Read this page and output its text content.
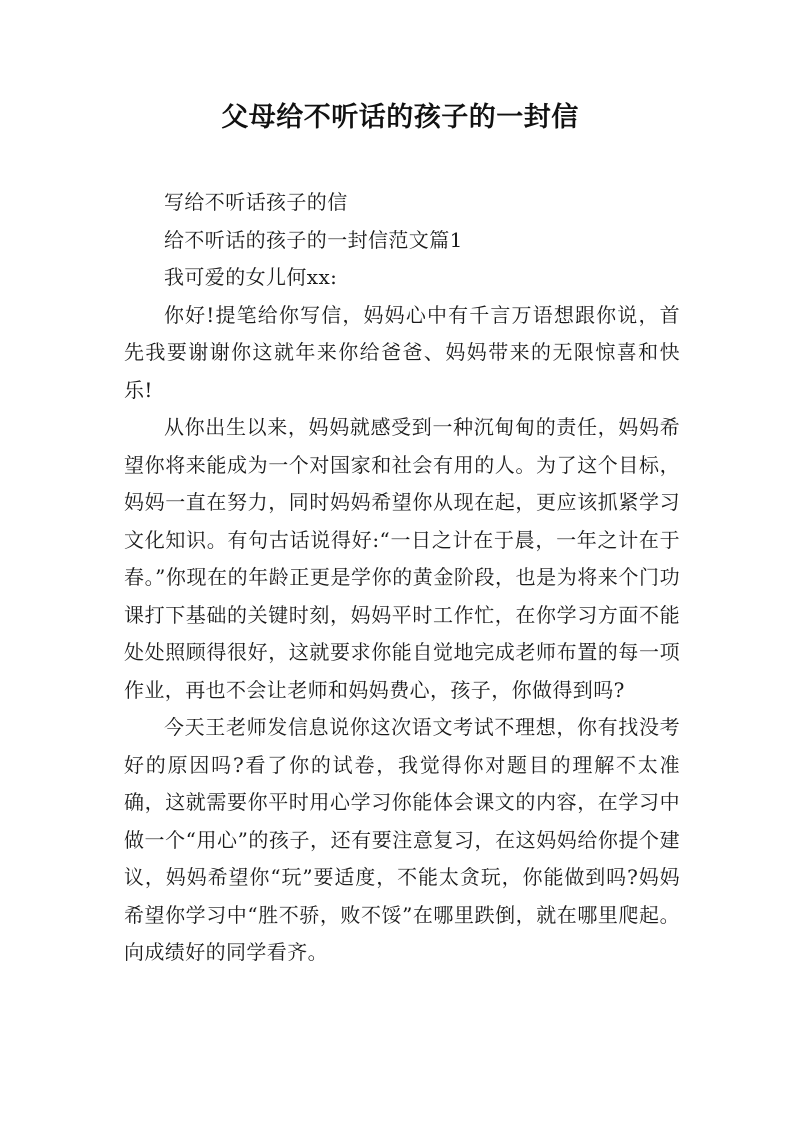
父母给不听话的孩子的一封信

写给不听话孩子的信

给不听话的孩子的一封信范文篇1

我可爱的女儿何xx:

你好!提笔给你写信，妈妈心中有千言万语想跟你说，首先我要谢谢你这就年来你给爸爸、妈妈带来的无限惊喜和快乐!

从你出生以来，妈妈就感受到一种沉甸甸的责任，妈妈希望你将来能成为一个对国家和社会有用的人。为了这个目标，妈妈一直在努力，同时妈妈希望你从现在起，更应该抓紧学习文化知识。有句古话说得好:“一日之计在于晨，一年之计在于春。”你现在的年龄正更是学你的黄金阶段，也是为将来个门功课打下基础的关键时刻，妈妈平时工作忙，在你学习方面不能处处照顾得很好，这就要求你能自觉地完成老师布置的每一项作业，再也不会让老师和妈妈费心，孩子，你做得到吗?

今天王老师发信息说你这次语文考试不理想，你有找没考好的原因吗?看了你的试卷，我觉得你对题目的理解不太准确，这就需要你平时用心学习你能体会课文的内容，在学习中做一个“用心”的孩子，还有要注意复习，在这妈妈给你提个建议，妈妈希望你“玩”要适度，不能太贪玩，你能做到吗?妈妈希望你学习中“胜不骄，败不馁”在哪里跌倒，就在哪里爬起。向成绩好的同学看齐。
